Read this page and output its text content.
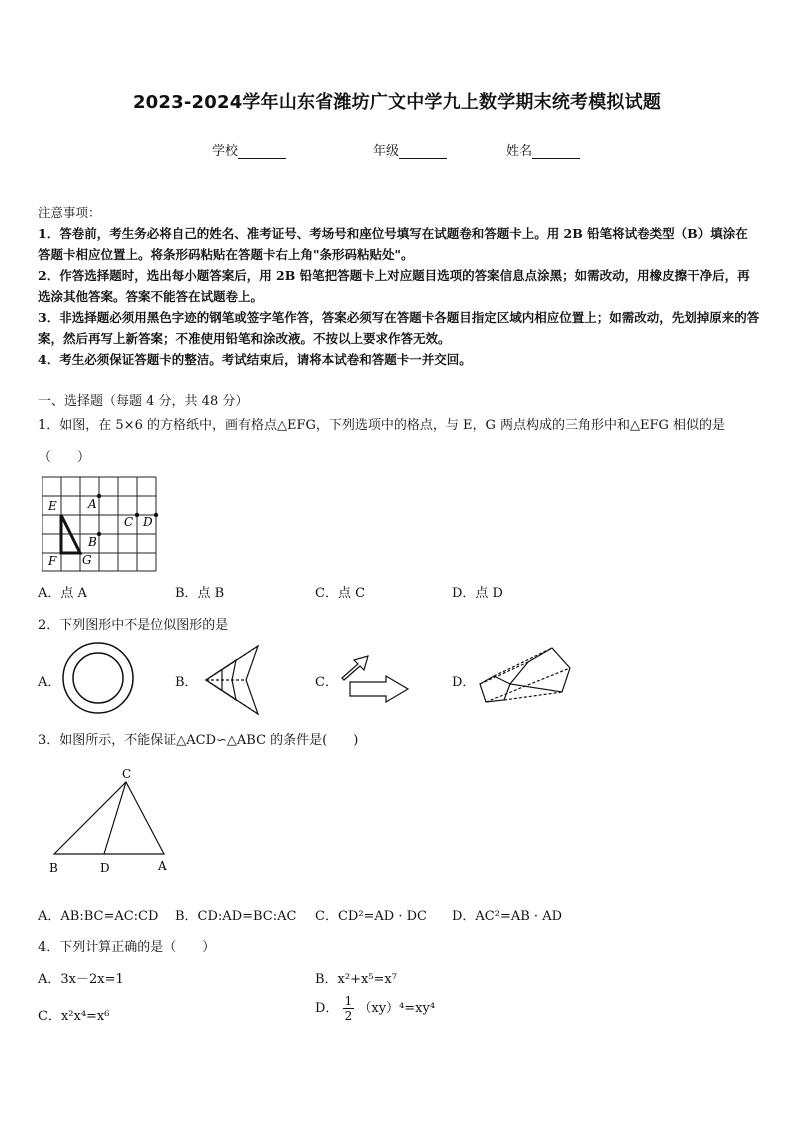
2023-2024学年山东省潍坊广文中学九上数学期末统考模拟试题
学校	年级	姓名
注意事项：
1．答卷前，考生务必将自己的姓名、准考证号、考场号和座位号填写在试题卷和答题卡上。用 2B 铅笔将试卷类型（B）填涂在答题卡相应位置上。将条形码粘贴在答题卡右上角"条形码粘贴处"。
2．作答选择题时，选出每小题答案后，用 2B 铅笔把答题卡上对应题目选项的答案信息点涂黑；如需改动，用橡皮擦干净后，再选涂其他答案。答案不能答在试题卷上。
3．非选择题必须用黑色字迹的钢笔或签字笔作答，答案必须写在答题卡各题目指定区域内相应位置上；如需改动，先划掉原来的答案，然后再写上新答案；不准使用铅笔和涂改液。不按以上要求作答无效。
4．考生必须保证答题卡的整洁。考试结束后，请将本试卷和答题卡一并交回。
一、选择题（每题 4 分，共 48 分）
1．如图，在 5×6 的方格纸中，画有格点△EFG，下列选项中的格点，与 E，G 两点构成的三角形中和△EFG 相似的是
（　　）
E	A
C D
B
F G
A．点 A	B．点 B	C．点 C	D．点 D
2．下列图形中不是位似图形的是
A．	B．	C．	D．
3．如图所示，不能保证△ACD∽△ABC 的条件是(　　)
C
B	D	A
A．AB:BC=AC:CD B．CD:AD=BC:AC C．CD²=AD · DC D．AC²=AB · AD
4．下列计算正确的是（　　）
A．3x－2x=1	B．x²+x⁵=x⁷
C．x²x⁴=x⁶
D． $\frac{1}{2} (xy)^4=xy^4$
